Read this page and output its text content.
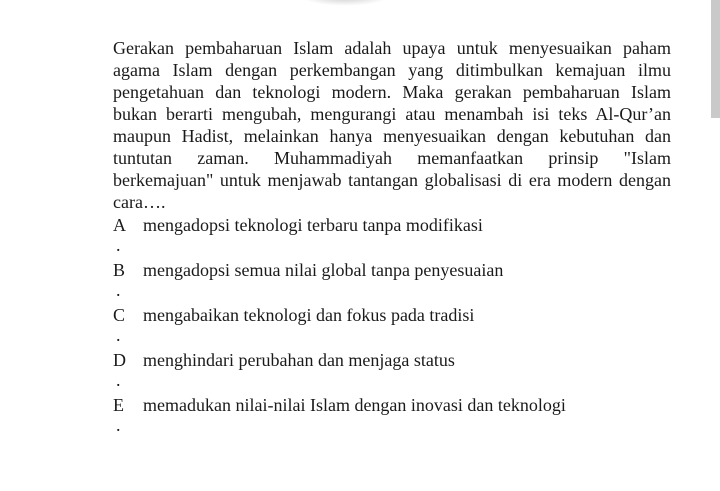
Gerakan pembaharuan Islam adalah upaya untuk menyesuaikan paham agama Islam dengan perkembangan yang ditimbulkan kemajuan ilmu pengetahuan dan teknologi modern. Maka gerakan pembaharuan Islam bukan berarti mengubah, mengurangi atau menambah isi teks Al-Qur’an maupun Hadist, melainkan hanya menyesuaikan dengan kebutuhan dan tuntutan zaman. Muhammadiyah memanfaatkan prinsip "Islam berkemajuan" untuk menjawab tantangan globalisasi di era modern dengan cara….

A
.
mengadopsi teknologi terbaru tanpa modifikasi
B
.
mengadopsi semua nilai global tanpa penyesuaian
C
.
mengabaikan teknologi dan fokus pada tradisi
D
.
menghindari perubahan dan menjaga status
E
.
memadukan nilai-nilai Islam dengan inovasi dan teknologi
